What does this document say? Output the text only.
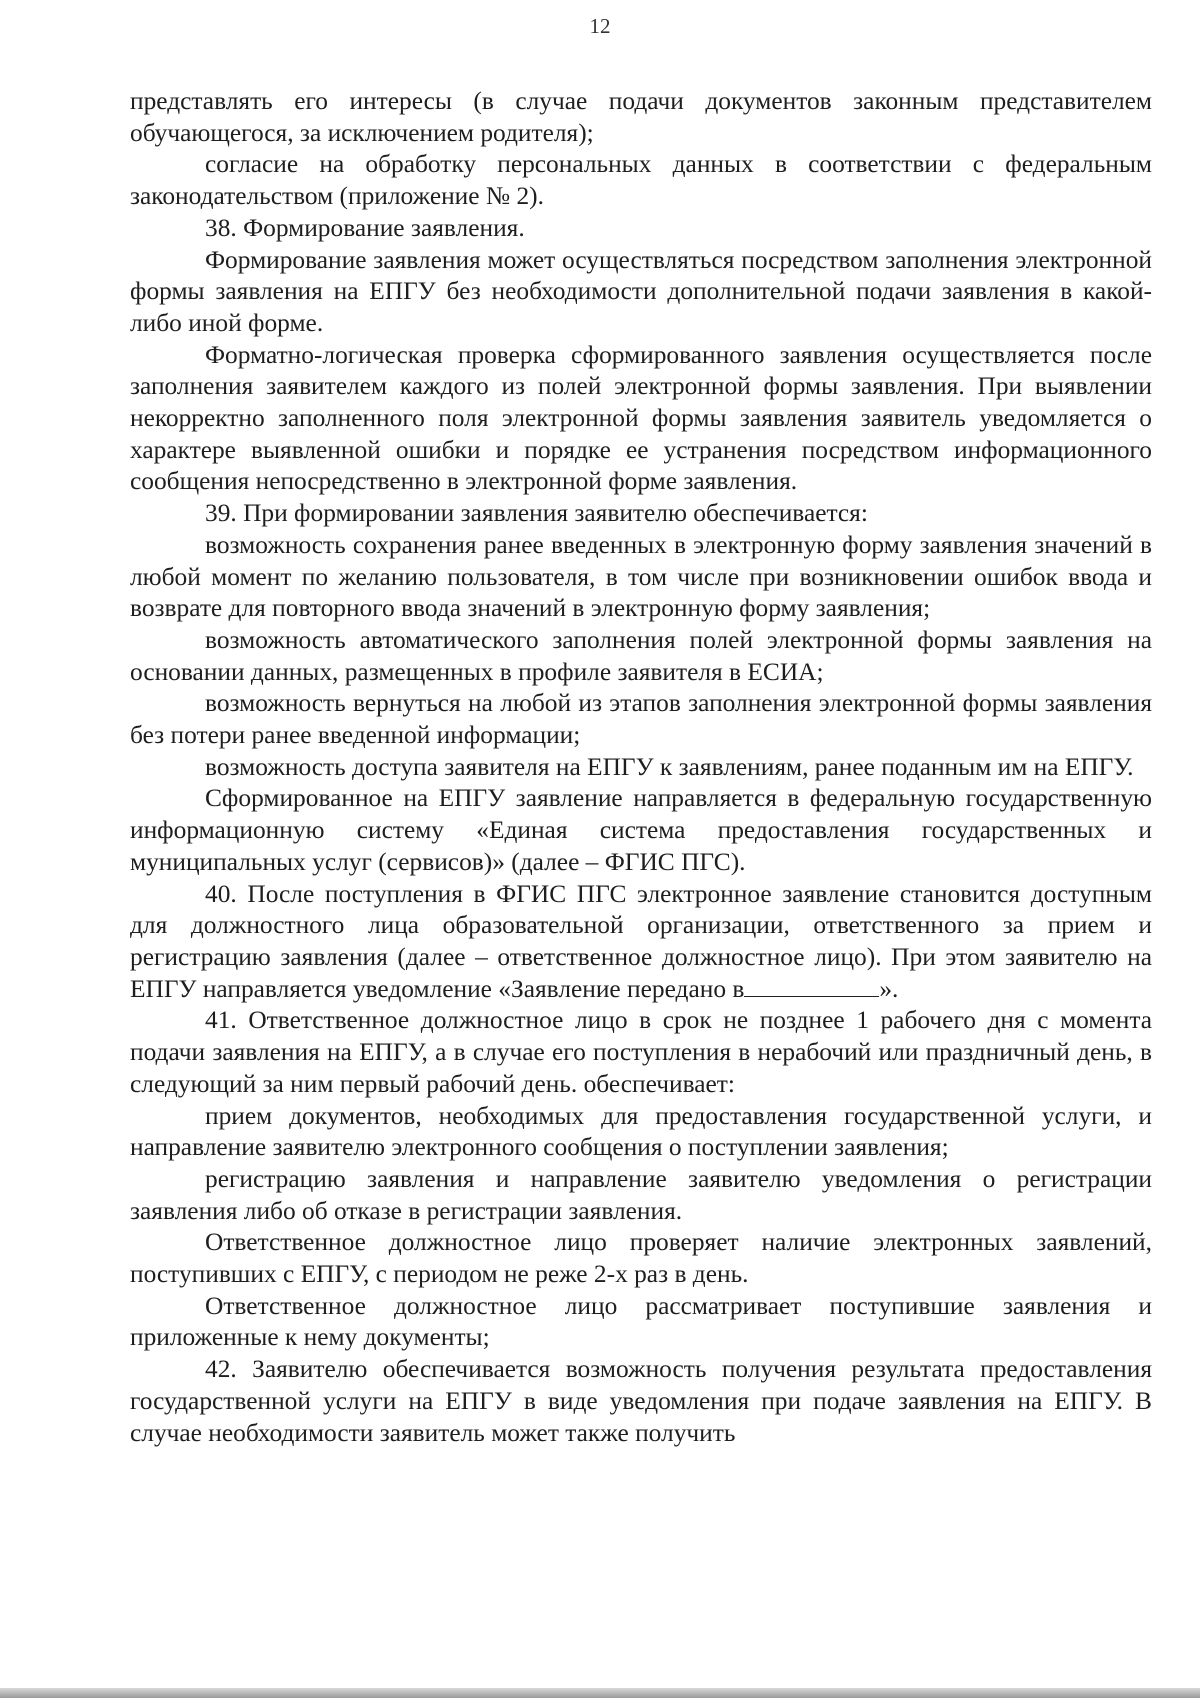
12

представлять его интересы (в случае подачи документов законным представителем обучающегося, за исключением родителя);

согласие на обработку персональных данных в соответствии с федеральным законодательством (приложение № 2).

38. Формирование заявления.

Формирование заявления может осуществляться посредством заполнения электронной формы заявления на ЕПГУ без необходимости дополнительной подачи заявления в какой-либо иной форме.

Форматно-логическая проверка сформированного заявления осуществляется после заполнения заявителем каждого из полей электронной формы заявления. При выявлении некорректно заполненного поля электронной формы заявления заявитель уведомляется о характере выявленной ошибки и порядке ее устранения посредством информационного сообщения непосредственно в электронной форме заявления.

39. При формировании заявления заявителю обеспечивается:

возможность сохранения ранее введенных в электронную форму заявления значений в любой момент по желанию пользователя, в том числе при возникновении ошибок ввода и возврате для повторного ввода значений в электронную форму заявления;

возможность автоматического заполнения полей электронной формы заявления на основании данных, размещенных в профиле заявителя в ЕСИА;

возможность вернуться на любой из этапов заполнения электронной формы заявления без потери ранее введенной информации;

возможность доступа заявителя на ЕПГУ к заявлениям, ранее поданным им на ЕПГУ.

Сформированное на ЕПГУ заявление направляется в федеральную государственную информационную систему «Единая система предоставления государственных и муниципальных услуг (сервисов)» (далее – ФГИС ПГС).

40. После поступления в ФГИС ПГС электронное заявление становится доступным для должностного лица образовательной организации, ответственного за прием и регистрацию заявления (далее – ответственное должностное лицо). При этом заявителю на ЕПГУ направляется уведомление «Заявление передано в	».

41. Ответственное должностное лицо в срок не позднее 1 рабочего дня с момента подачи заявления на ЕПГУ, а в случае его поступления в нерабочий или праздничный день, в следующий за ним первый рабочий день. обеспечивает:

прием документов, необходимых для предоставления государственной услуги, и направление заявителю электронного сообщения о поступлении заявления;

регистрацию заявления и направление заявителю уведомления о регистрации заявления либо об отказе в регистрации заявления.

Ответственное должностное лицо проверяет наличие электронных заявлений, поступивших с ЕПГУ, с периодом не реже 2-х раз в день.

Ответственное должностное лицо рассматривает поступившие заявления и приложенные к нему документы;

42. Заявителю обеспечивается возможность получения результата предоставления государственной услуги на ЕПГУ в виде уведомления при подаче заявления на ЕПГУ. В случае необходимости заявитель может также получить
